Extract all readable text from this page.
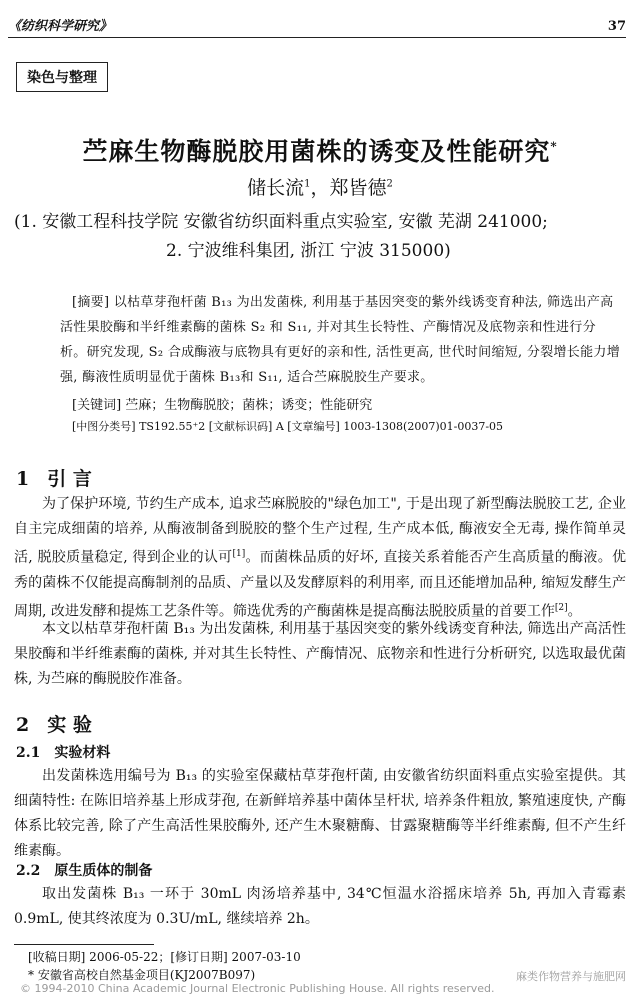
《纺织科学研究》	37
染色与整理
苎麻生物酶脱胶用菌株的诱变及性能研究*
储长流$^1$，郑皆德$^2$
(1. 安徽工程科技学院 安徽省纺织面料重点实验室, 安徽 芜湖 241000;
2. 宁波维科集团, 浙江 宁波 315000)
[摘要] 以枯草芽孢杆菌 B₁₃ 为出发菌株, 利用基于基因突变的紫外线诱变育种法, 筛选出产高活性果胶酶和半纤维素酶的菌株 S₂ 和 S₁₁, 并对其生长特性、产酶情况及底物亲和性进行分析。研究发现, S₂ 合成酶液与底物具有更好的亲和性, 活性更高, 世代时间缩短, 分裂增长能力增强, 酶液性质明显优于菌株 B₁₃和 S₁₁, 适合苎麻脱胶生产要求。
[关键词] 苎麻；生物酶脱胶；菌株；诱变；性能研究
[中图分类号] TS192.55⁺2 [文献标识码] A [文章编号] 1003-1308(2007)01-0037-05
1 引 言
为了保护环境, 节约生产成本, 追求苎麻脱胶的"绿色加工", 于是出现了新型酶法脱胶工艺, 企业自主完成细菌的培养, 从酶液制备到脱胶的整个生产过程, 生产成本低, 酶液安全无毒, 操作简单灵活, 脱胶质量稳定, 得到企业的认可[1]。而菌株品质的好坏, 直接关系着能否产生高质量的酶液。优秀的菌株不仅能提高酶制剂的品质、产量以及发酵原料的利用率, 而且还能增加品种, 缩短发酵生产周期, 改进发酵和提炼工艺条件等。筛选优秀的产酶菌株是提高酶法脱胶质量的首要工作[2]。
本文以枯草芽孢杆菌 B₁₃ 为出发菌株, 利用基于基因突变的紫外线诱变育种法, 筛选出产高活性果胶酶和半纤维素酶的菌株, 并对其生长特性、产酶情况、底物亲和性进行分析研究, 以选取最优菌株, 为苎麻的酶脱胶作准备。
2 实 验
2.1 实验材料
出发菌株选用编号为 B₁₃ 的实验室保藏枯草芽孢杆菌, 由安徽省纺织面料重点实验室提供。其细菌特性: 在陈旧培养基上形成芽孢, 在新鲜培养基中菌体呈杆状, 培养条件粗放, 繁殖速度快, 产酶体系比较完善, 除了产生高活性果胶酶外, 还产生木聚糖酶、甘露聚糖酶等半纤维素酶, 但不产生纤维素酶。
2.2 原生质体的制备
取出发菌株 B₁₃ 一环于 30mL 肉汤培养基中, 34℃恒温水浴摇床培养 5h, 再加入青霉素 0.9mL, 使其终浓度为 0.3U/mL, 继续培养 2h。
[收稿日期] 2006-05-22；[修订日期] 2007-03-10
* 安徽省高校自然基金项目(KJ2007B097)	麻类作物营养与施肥网
© 1994-2010 China Academic Journal Electronic Publishing House. All rights reserved.
